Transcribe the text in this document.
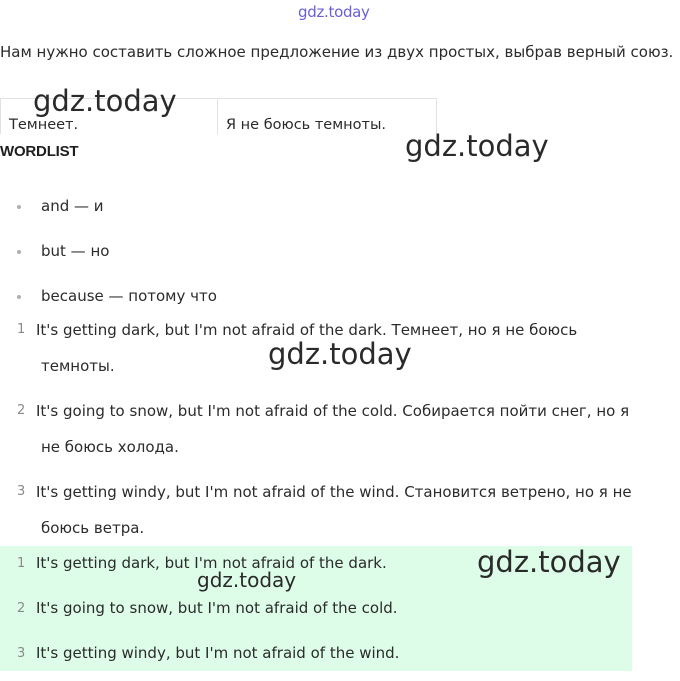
gdz.today
Нам нужно составить сложное предложение из двух простых, выбрав верный союз.
Темнеет.	Я не боюсь темноты.
WORDLIST
and — и
but — но
because — потому что
1 It's getting dark, but I'm not afraid of the dark. Темнеет, но я не боюсь
темноты.
2 It's going to snow, but I'm not afraid of the cold. Собирается пойти снег, но я
не боюсь холода.
3 It's getting windy, but I'm not afraid of the wind. Становится ветрено, но я не
боюсь ветра.
1 It's getting dark, but I'm not afraid of the dark.
2 It's going to snow, but I'm not afraid of the cold.
3 It's getting windy, but I'm not afraid of the wind.
gdz.today
gdz.today
gdz.today
gdz.today
gdz.today
